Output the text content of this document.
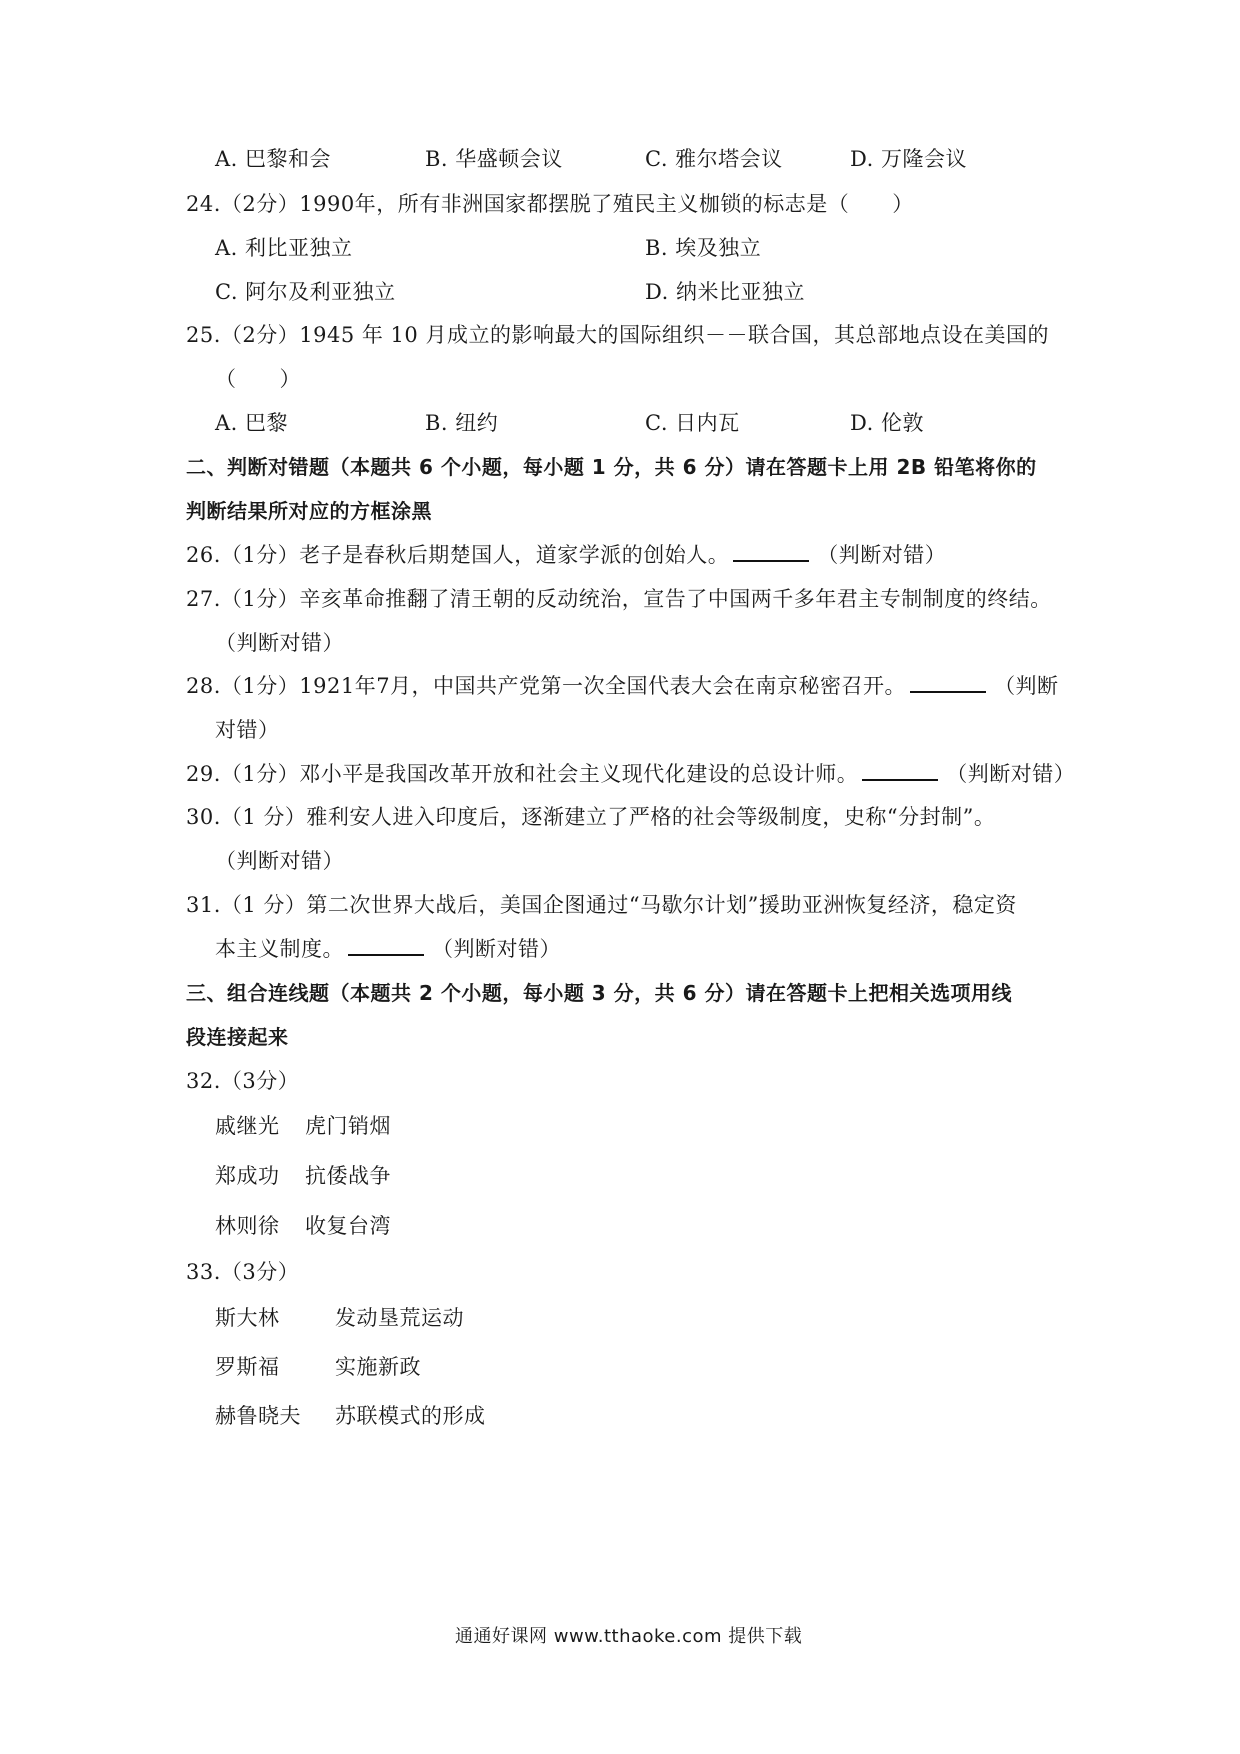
A. 巴黎和会	B. 华盛顿会议	C. 雅尔塔会议	D. 万隆会议
24.（2分）1990年，所有非洲国家都摆脱了殖民主义枷锁的标志是（　　）
A. 利比亚独立	B. 埃及独立
C. 阿尔及利亚独立	D. 纳米比亚独立
25.（2分）1945 年 10 月成立的影响最大的国际组织－－联合国，其总部地点设在美国的
（　　）
A. 巴黎	B. 纽约	C. 日内瓦	D. 伦敦
二、判断对错题（本题共 6 个小题，每小题 1 分，共 6 分）请在答题卡上用 2B 铅笔将你的
判断结果所对应的方框涂黑
26.（1分）老子是春秋后期楚国人，道家学派的创始人。	（判断对错）
27.（1分）辛亥革命推翻了清王朝的反动统治，宣告了中国两千多年君主专制制度的终结。
（判断对错）
28.（1分）1921年7月，中国共产党第一次全国代表大会在南京秘密召开。	（判断
对错）
29.（1分）邓小平是我国改革开放和社会主义现代化建设的总设计师。	（判断对错）
30.（1 分）雅利安人进入印度后，逐渐建立了严格的社会等级制度，史称“分封制”。
（判断对错）
31.（1 分）第二次世界大战后，美国企图通过“马歇尔计划”援助亚洲恢复经济，稳定资
本主义制度。	（判断对错）
三、组合连线题（本题共 2 个小题，每小题 3 分，共 6 分）请在答题卡上把相关选项用线
段连接起来
32.（3分）
戚继光 虎门销烟
郑成功 抗倭战争
林则徐 收复台湾
33.（3分）
斯大林	发动垦荒运动
罗斯福	实施新政
赫鲁晓夫 苏联模式的形成
通通好课网 www.tthaoke.com 提供下载
